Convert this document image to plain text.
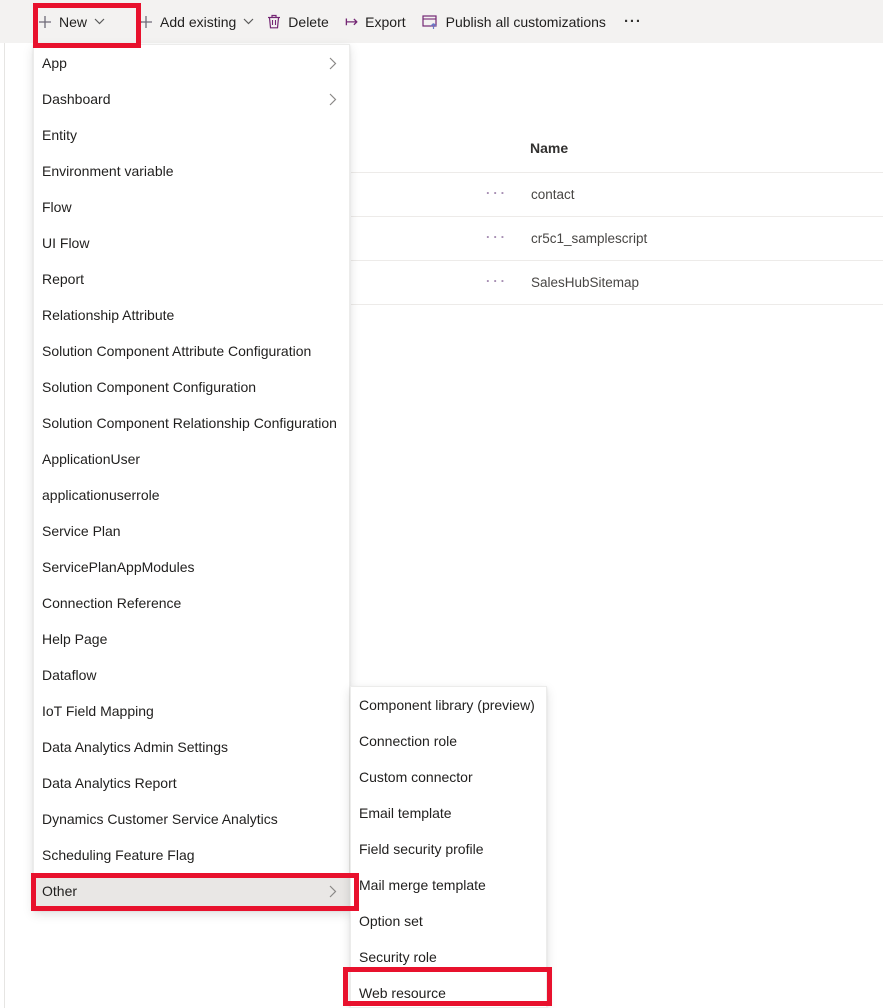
New	Add existing	Delete ↦ Export	Publish all customizations ···
Name
··· contact
··· cr5c1_samplescript
··· SalesHubSitemap
App
Dashboard
Entity
Environment variable
Flow
UI Flow
Report
Relationship Attribute
Solution Component Attribute Configuration
Solution Component Configuration
Solution Component Relationship Configuration
ApplicationUser
applicationuserrole
Service Plan
ServicePlanAppModules
Connection Reference
Help Page
Dataflow
IoT Field Mapping
Data Analytics Admin Settings
Data Analytics Report
Dynamics Customer Service Analytics
Scheduling Feature Flag
Other
Component library (preview)
Connection role
Custom connector
Email template
Field security profile
Mail merge template
Option set
Security role
Web resource
